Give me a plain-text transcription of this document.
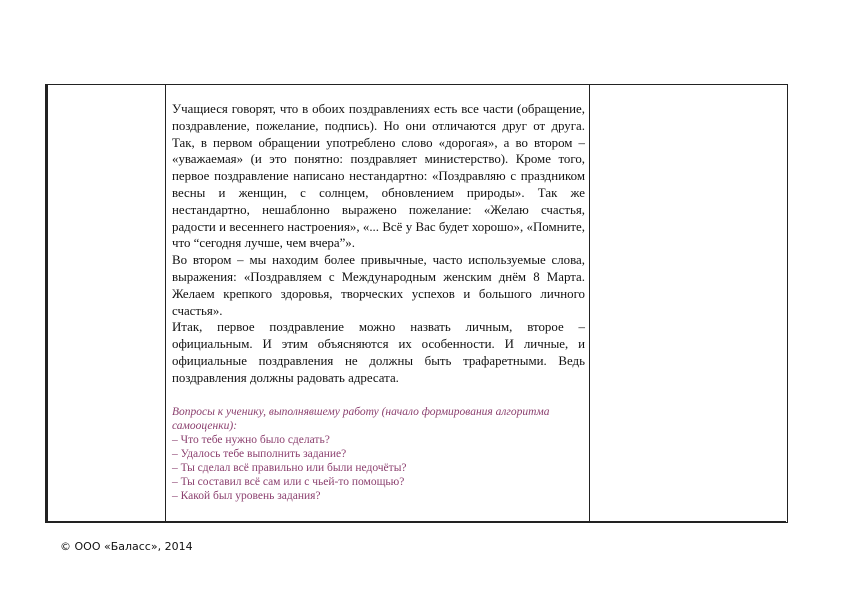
Учащиеся говорят, что в обоих поздравлениях есть все части (обращение, поздравление, пожелание, подпись). Но они отличаются друг от друга. Так, в первом обращении употреблено слово «дорогая», а во втором – «уважаемая» (и это понятно: поздравляет министерство). Кроме того, первое поздравление написано нестандартно: «Поздравляю с праздником весны и женщин, с солнцем, обновлением природы». Так же нестандартно, нешаблонно выражено пожелание: «Желаю счастья, радости и весеннего настроения», «... Всё у Вас будет хорошо», «Помните, что “сегодня лучше, чем вчера”».

Во втором – мы находим более привычные, часто используемые слова, выражения: «Поздравляем с Международным женским днём 8 Марта. Желаем крепкого здоровья, творческих успехов и большого личного счастья».

Итак, первое поздравление можно назвать личным, второе – официальным. И этим объясняются их особенности. И личные, и официальные поздравления не должны быть трафаретными. Ведь поздравления должны радовать адресата.

Вопросы к ученику, выполнявшему работу (начало формирования алгоритма самооценки):

– Что тебе нужно было сделать?

– Удалось тебе выполнить задание?

– Ты сделал всё правильно или были недочёты?

– Ты составил всё сам или с чьей-то помощью?

– Какой был уровень задания?

© ООО «Баласс», 2014
